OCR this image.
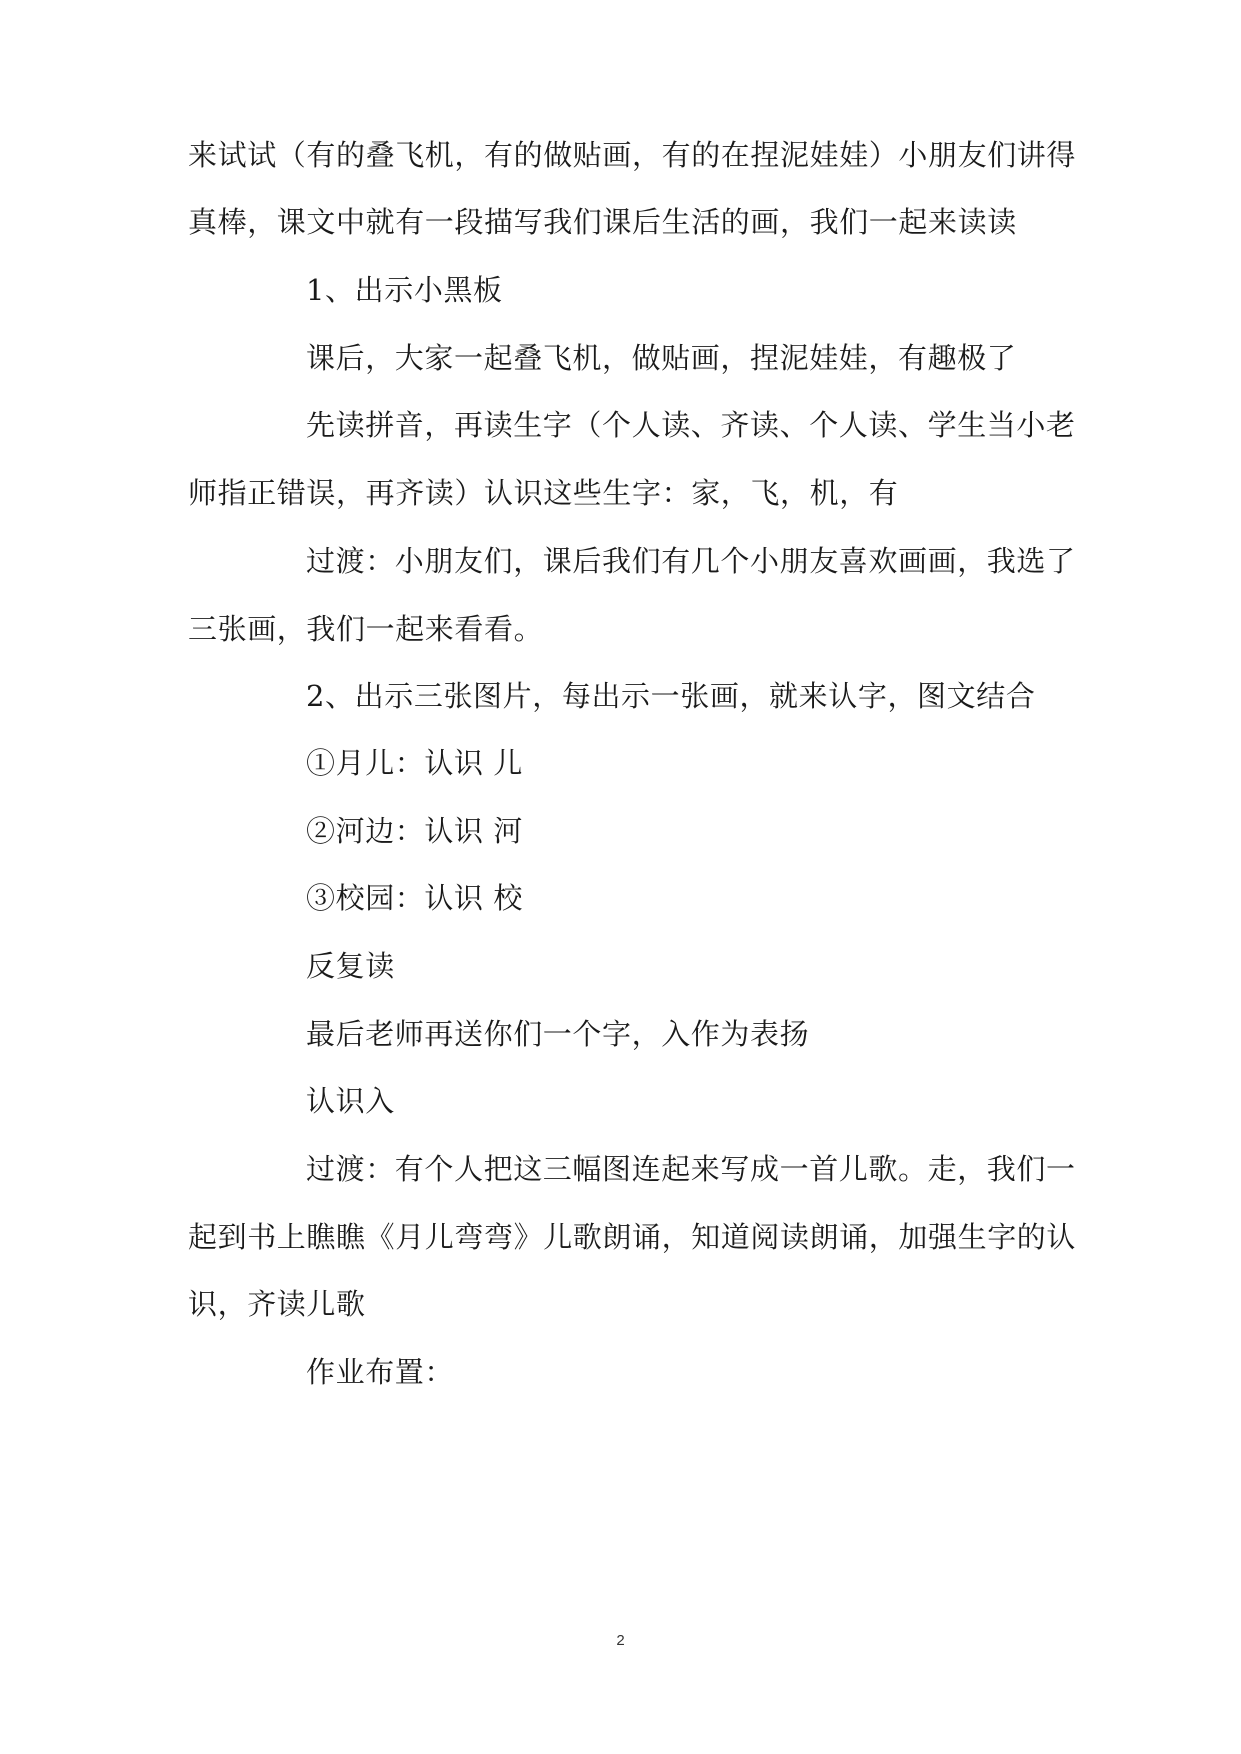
来试试（有的叠飞机，有的做贴画，有的在捏泥娃娃）小朋友们讲得
真棒，课文中就有一段描写我们课后生活的画，我们一起来读读
1、出示小黑板
课后，大家一起叠飞机，做贴画，捏泥娃娃，有趣极了
先读拼音，再读生字（个人读、齐读、个人读、学生当小老
师指正错误，再齐读）认识这些生字：家，飞，机，有
过渡：小朋友们，课后我们有几个小朋友喜欢画画，我选了
三张画，我们一起来看看。
2、出示三张图片，每出示一张画，就来认字，图文结合
①月儿：认识 儿
②河边：认识 河
③校园：认识 校
反复读
最后老师再送你们一个字，入作为表扬
认识入
过渡：有个人把这三幅图连起来写成一首儿歌。走，我们一
起到书上瞧瞧《月儿弯弯》儿歌朗诵，知道阅读朗诵，加强生字的认
识，齐读儿歌
作业布置：
2
